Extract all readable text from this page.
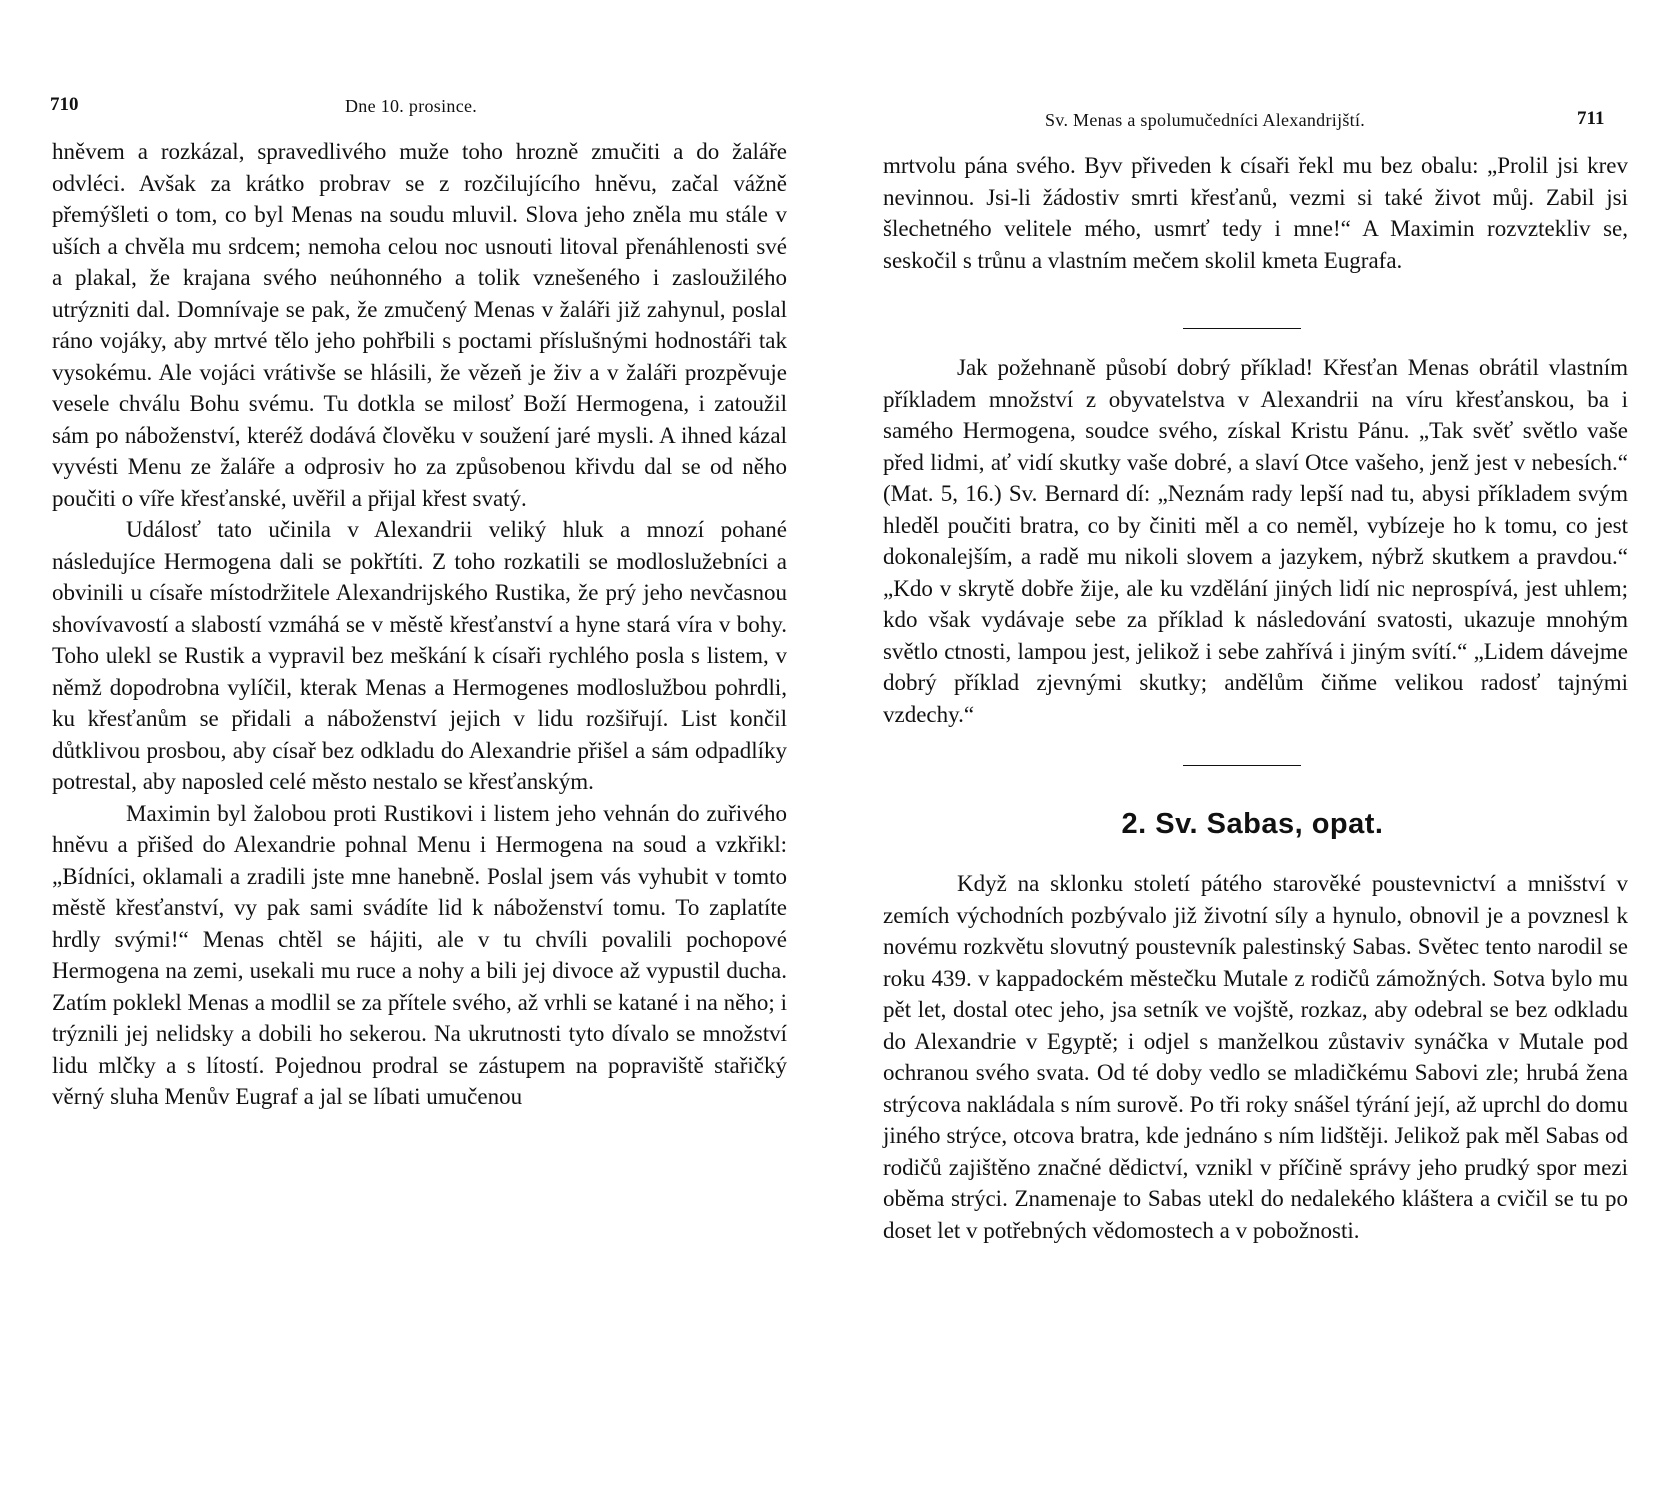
710	Dne 10. prosince.

hněvem a rozkázal, spravedlivého muže toho hrozně zmučiti a do žaláře odvléci. Avšak za krátko probrav se z rozčilujícího hněvu, začal vážně přemýšleti o tom, co byl Menas na soudu mluvil. Slova jeho zněla mu stále v uších a chvěla mu srdcem; nemoha celou noc usnouti litoval přenáhlenosti své a plakal, že krajana svého neúhonného a tolik vznešeného i zasloužilého utrýzniti dal. Domnívaje se pak, že zmučený Menas v žaláři již zahynul, poslal ráno vojáky, aby mrtvé tělo jeho pohřbili s poctami příslušnými hodnostáři tak vysokému. Ale vojáci vrátivše se hlásili, že vězeň je živ a v žaláři prozpěvuje vesele chválu Bohu svému. Tu dotkla se milosť Boží Hermogena, i zatoužil sám po náboženství, kteréž dodává člověku v soužení jaré mysli. A ihned kázal vyvésti Menu ze žaláře a odprosiv ho za způsobenou křivdu dal se od něho poučiti o víře křesťanské, uvěřil a přijal křest svatý.

Událosť tato učinila v Alexandrii veliký hluk a mnozí pohané následujíce Hermogena dali se pokřtíti. Z toho rozkatili se modloslužebníci a obvinili u císaře místodržitele Alexandrijského Rustika, že prý jeho nevčasnou shovívavostí a slabostí vzmáhá se v městě křesťanství a hyne stará víra v bohy. Toho ulekl se Rustik a vypravil bez meškání k císaři rychlého posla s listem, v němž dopodrobna vylíčil, kterak Menas a Hermogenes modloslužbou pohrdli, ku křesťanům se přidali a náboženství jejich v lidu rozšiřují. List končil důtklivou prosbou, aby císař bez odkladu do Alexandrie přišel a sám odpadlíky potrestal, aby naposled celé město nestalo se křesťanským.

Maximin byl žalobou proti Rustikovi i listem jeho vehnán do zuřivého hněvu a přišed do Alexandrie pohnal Menu i Hermogena na soud a vzkřikl: „Bídníci, oklamali a zradili jste mne hanebně. Poslal jsem vás vyhubit v tomto městě křesťanství, vy pak sami svádíte lid k náboženství tomu. To zaplatíte hrdly svými!“ Menas chtěl se hájiti, ale v tu chvíli povalili pochopové Hermogena na zemi, usekali mu ruce a nohy a bili jej divoce až vypustil ducha. Zatím poklekl Menas a modlil se za přítele svého, až vrhli se katané i na něho; i trýznili jej nelidsky a dobili ho sekerou. Na ukrutnosti tyto dívalo se množství lidu mlčky a s lítostí. Pojednou prodral se zástupem na popraviště stařičký věrný sluha Menův Eugraf a jal se líbati umučenou

Sv. Menas a spolumučedníci Alexandrijští.	711

mrtvolu pána svého. Byv přiveden k císaři řekl mu bez obalu: „Prolil jsi krev nevinnou. Jsi-li žádostiv smrti křesťanů, vezmi si také život můj. Zabil jsi šlechetného velitele mého, usmrť tedy i mne!“ A Maximin rozvztekliv se, seskočil s trůnu a vlastním mečem skolil kmeta Eugrafa.

Jak požehnaně působí dobrý příklad! Křesťan Menas obrátil vlastním příkladem množství z obyvatelstva v Alexandrii na víru křesťanskou, ba i samého Hermogena, soudce svého, získal Kristu Pánu. „Tak svěť světlo vaše před lidmi, ať vidí skutky vaše dobré, a slaví Otce vašeho, jenž jest v nebesích.“ (Mat. 5, 16.) Sv. Bernard dí: „Neznám rady lepší nad tu, abysi příkladem svým hleděl poučiti bratra, co by činiti měl a co neměl, vybízeje ho k tomu, co jest dokonalejším, a radě mu nikoli slovem a jazykem, nýbrž skutkem a pravdou.“ „Kdo v skrytě dobře žije, ale ku vzdělání jiných lidí nic neprospívá, jest uhlem; kdo však vydávaje sebe za příklad k následování svatosti, ukazuje mnohým světlo ctnosti, lampou jest, jelikož i sebe zahřívá i jiným svítí.“ „Lidem dávejme dobrý příklad zjevnými skutky; andělům čiňme velikou radosť tajnými vzdechy.“

2. Sv. Sabas, opat.

Když na sklonku století pátého starověké poustevnictví a mnišství v zemích východních pozbývalo již životní síly a hynulo, obnovil je a povznesl k novému rozkvětu slovutný poustevník palestinský Sabas. Světec tento narodil se roku 439. v kappadockém městečku Mutale z rodičů zámožných. Sotva bylo mu pět let, dostal otec jeho, jsa setník ve vojště, rozkaz, aby odebral se bez odkladu do Alexandrie v Egyptě; i odjel s manželkou zůstaviv synáčka v Mutale pod ochranou svého svata. Od té doby vedlo se mladičkému Sabovi zle; hrubá žena strýcova nakládala s ním surově. Po tři roky snášel týrání její, až uprchl do domu jiného strýce, otcova bratra, kde jednáno s ním lidštěji. Jelikož pak měl Sabas od rodičů zajištěno značné dědictví, vznikl v příčině správy jeho prudký spor mezi oběma strýci. Znamenaje to Sabas utekl do nedalekého kláštera a cvičil se tu po doset let v potřebných vědomostech a v pobožnosti.
